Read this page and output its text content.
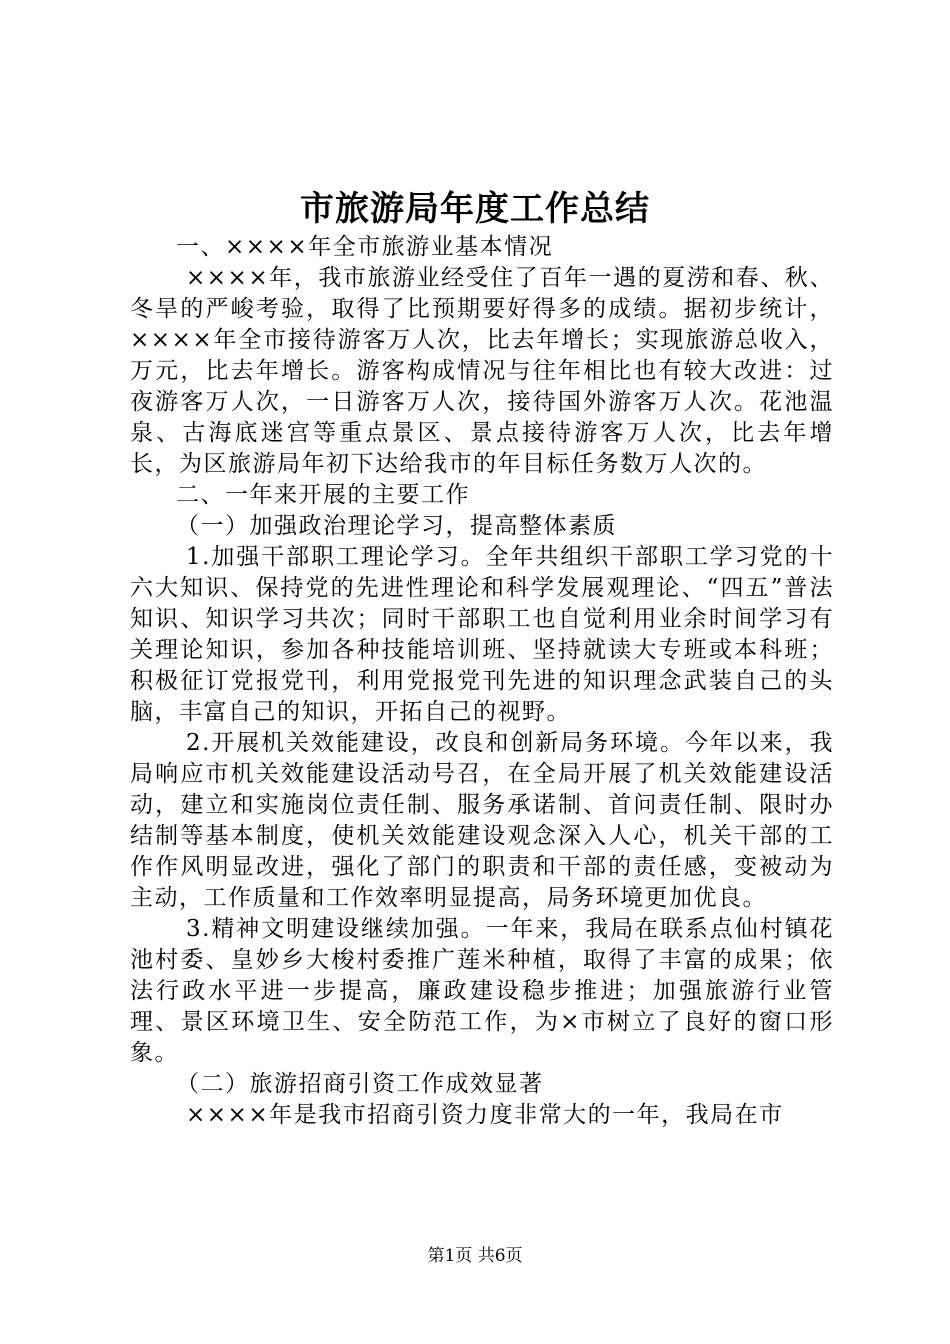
市旅游局年度工作总结

一、××××年全市旅游业基本情况

××××年，我市旅游业经受住了百年一遇的夏涝和春、秋、冬旱的严峻考验，取得了比预期要好得多的成绩。据初步统计，××××年全市接待游客万人次，比去年增长；实现旅游总收入，万元，比去年增长。游客构成情况与往年相比也有较大改进：过夜游客万人次，一日游客万人次，接待国外游客万人次。花池温泉、古海底迷宫等重点景区、景点接待游客万人次，比去年增长，为区旅游局年初下达给我市的年目标任务数万人次的。

二、一年来开展的主要工作

（一）加强政治理论学习，提高整体素质

1.加强干部职工理论学习。全年共组织干部职工学习党的十六大知识、保持党的先进性理论和科学发展观理论、“四五”普法知识、知识学习共次；同时干部职工也自觉利用业余时间学习有关理论知识，参加各种技能培训班、坚持就读大专班或本科班；积极征订党报党刊，利用党报党刊先进的知识理念武装自己的头脑，丰富自己的知识，开拓自己的视野。

2.开展机关效能建设，改良和创新局务环境。今年以来，我局响应市机关效能建设活动号召，在全局开展了机关效能建设活动，建立和实施岗位责任制、服务承诺制、首问责任制、限时办结制等基本制度，使机关效能建设观念深入人心，机关干部的工作作风明显改进，强化了部门的职责和干部的责任感，变被动为主动，工作质量和工作效率明显提高，局务环境更加优良。

3.精神文明建设继续加强。一年来，我局在联系点仙村镇花池村委、皇妙乡大梭村委推广莲米种植，取得了丰富的成果；依法行政水平进一步提高，廉政建设稳步推进；加强旅游行业管理、景区环境卫生、安全防范工作，为×市树立了良好的窗口形象。

（二）旅游招商引资工作成效显著

××××年是我市招商引资力度非常大的一年，我局在市

第1页 共6页
